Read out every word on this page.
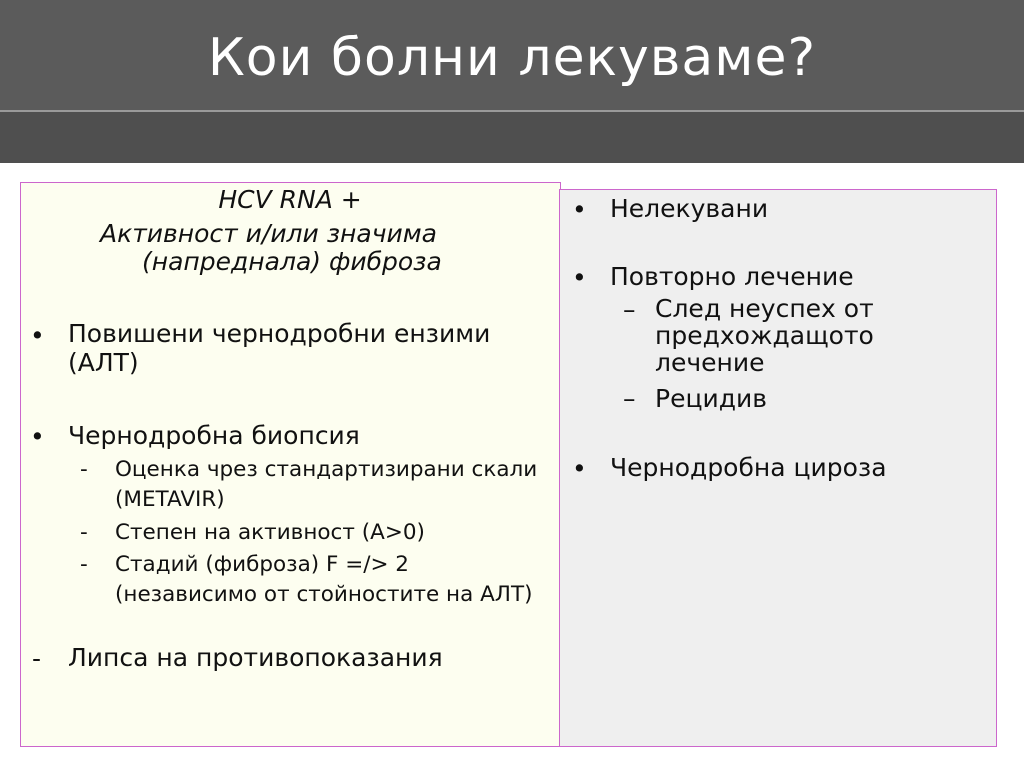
Кои болни лекуваме?
HCV RNA +
Активност и/или значима
(напреднала) фиброза
• Повишени чернодробни ензими (АЛТ)
• Чернодробна биопсия
- Оценка чрез стандартизирани скали (METAVIR)
- Степен на активност (А>0)
- Стадий (фиброза) F =/> 2 (независимо от стойностите на АЛТ)
- Липса на противопоказания
• Нелекувани
• Повторно лечение
– След неуспех от предхождащото лечение
– Рецидив
• Чернодробна цироза
